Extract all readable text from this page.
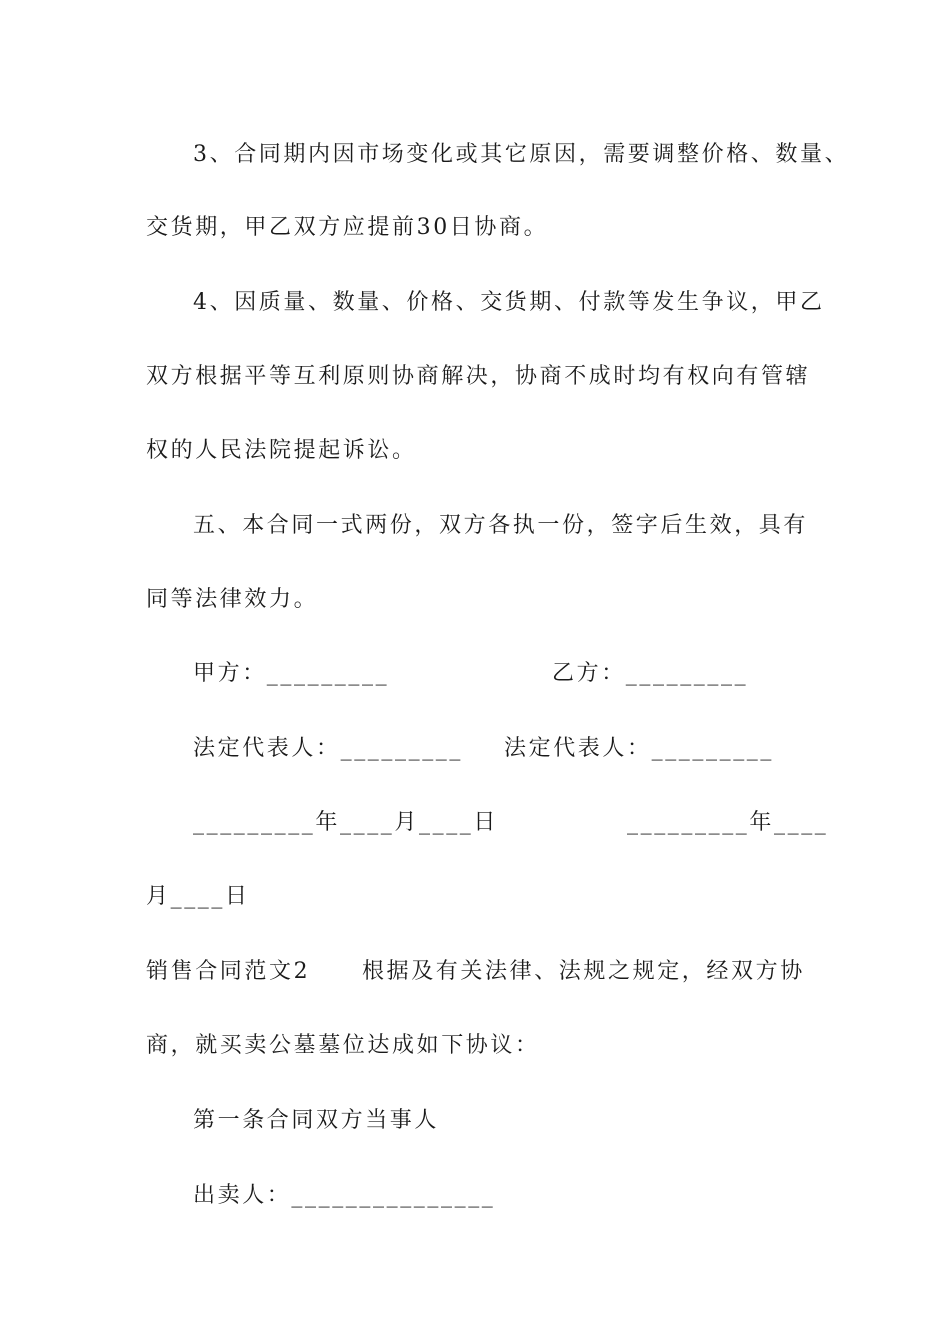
3、合同期内因市场变化或其它原因，需要调整价格、数量、
交货期，甲乙双方应提前30日协商。
4、因质量、数量、价格、交货期、付款等发生争议，甲乙
双方根据平等互利原则协商解决，协商不成时均有权向有管辖
权的人民法院提起诉讼。
五、本合同一式两份，双方各执一份，签字后生效，具有
同等法律效力。
甲方：_________	乙方：_________
法定代表人：_________ 法定代表人：_________
_________年____月____日	_________年____
月____日
销售合同范文2 根据及有关法律、法规之规定，经双方协
商，就买卖公墓墓位达成如下协议：
第一条合同双方当事人
出卖人：_______________
